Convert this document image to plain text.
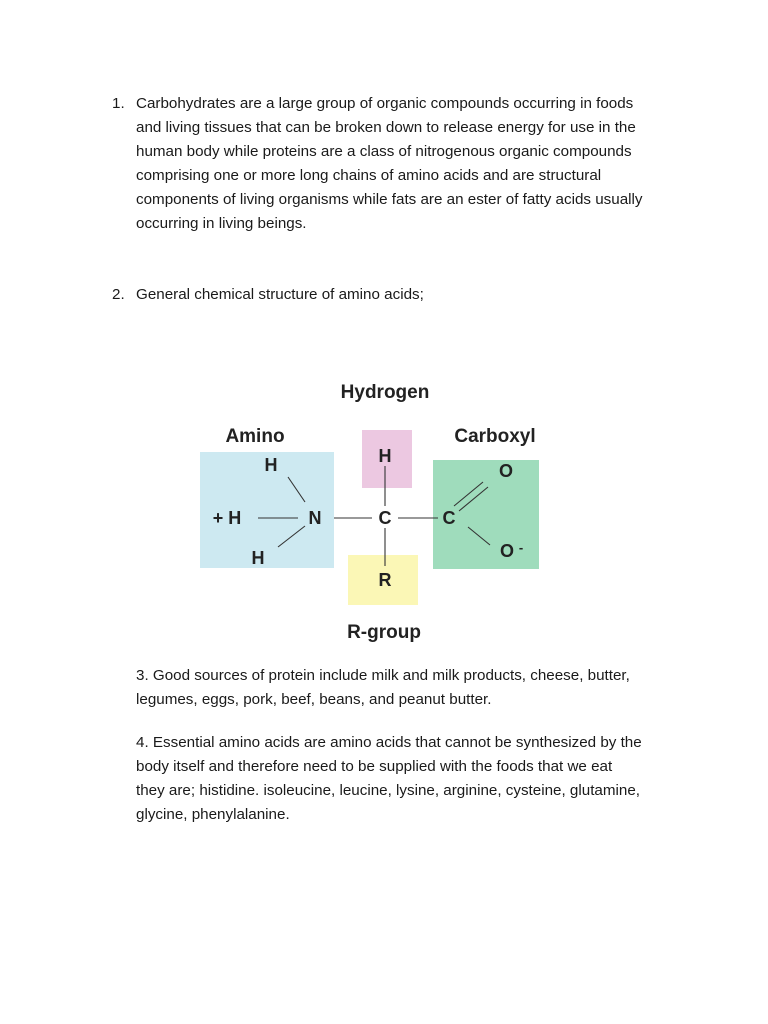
1. Carbohydrates are a large group of organic compounds occurring in foods
and living tissues that can be broken down to release energy for use in the
human body while proteins are a class of nitrogenous organic compounds
comprising one or more long chains of amino acids and are structural
components of living organisms while fats are an ester of fatty acids usually
occurring in living beings.
2. General chemical structure of amino acids;
Hydrogen
Amino	Carboxyl
R-group
H
+ H	N
H
H
C
R
C
O
O -
3. Good sources of protein include milk and milk products, cheese, butter,
legumes, eggs, pork, beef, beans, and peanut butter.
4. Essential amino acids are amino acids that cannot be synthesized by the
body itself and therefore need to be supplied with the foods that we eat
they are; histidine. isoleucine, leucine, lysine, arginine, cysteine, glutamine,
glycine, phenylalanine.
